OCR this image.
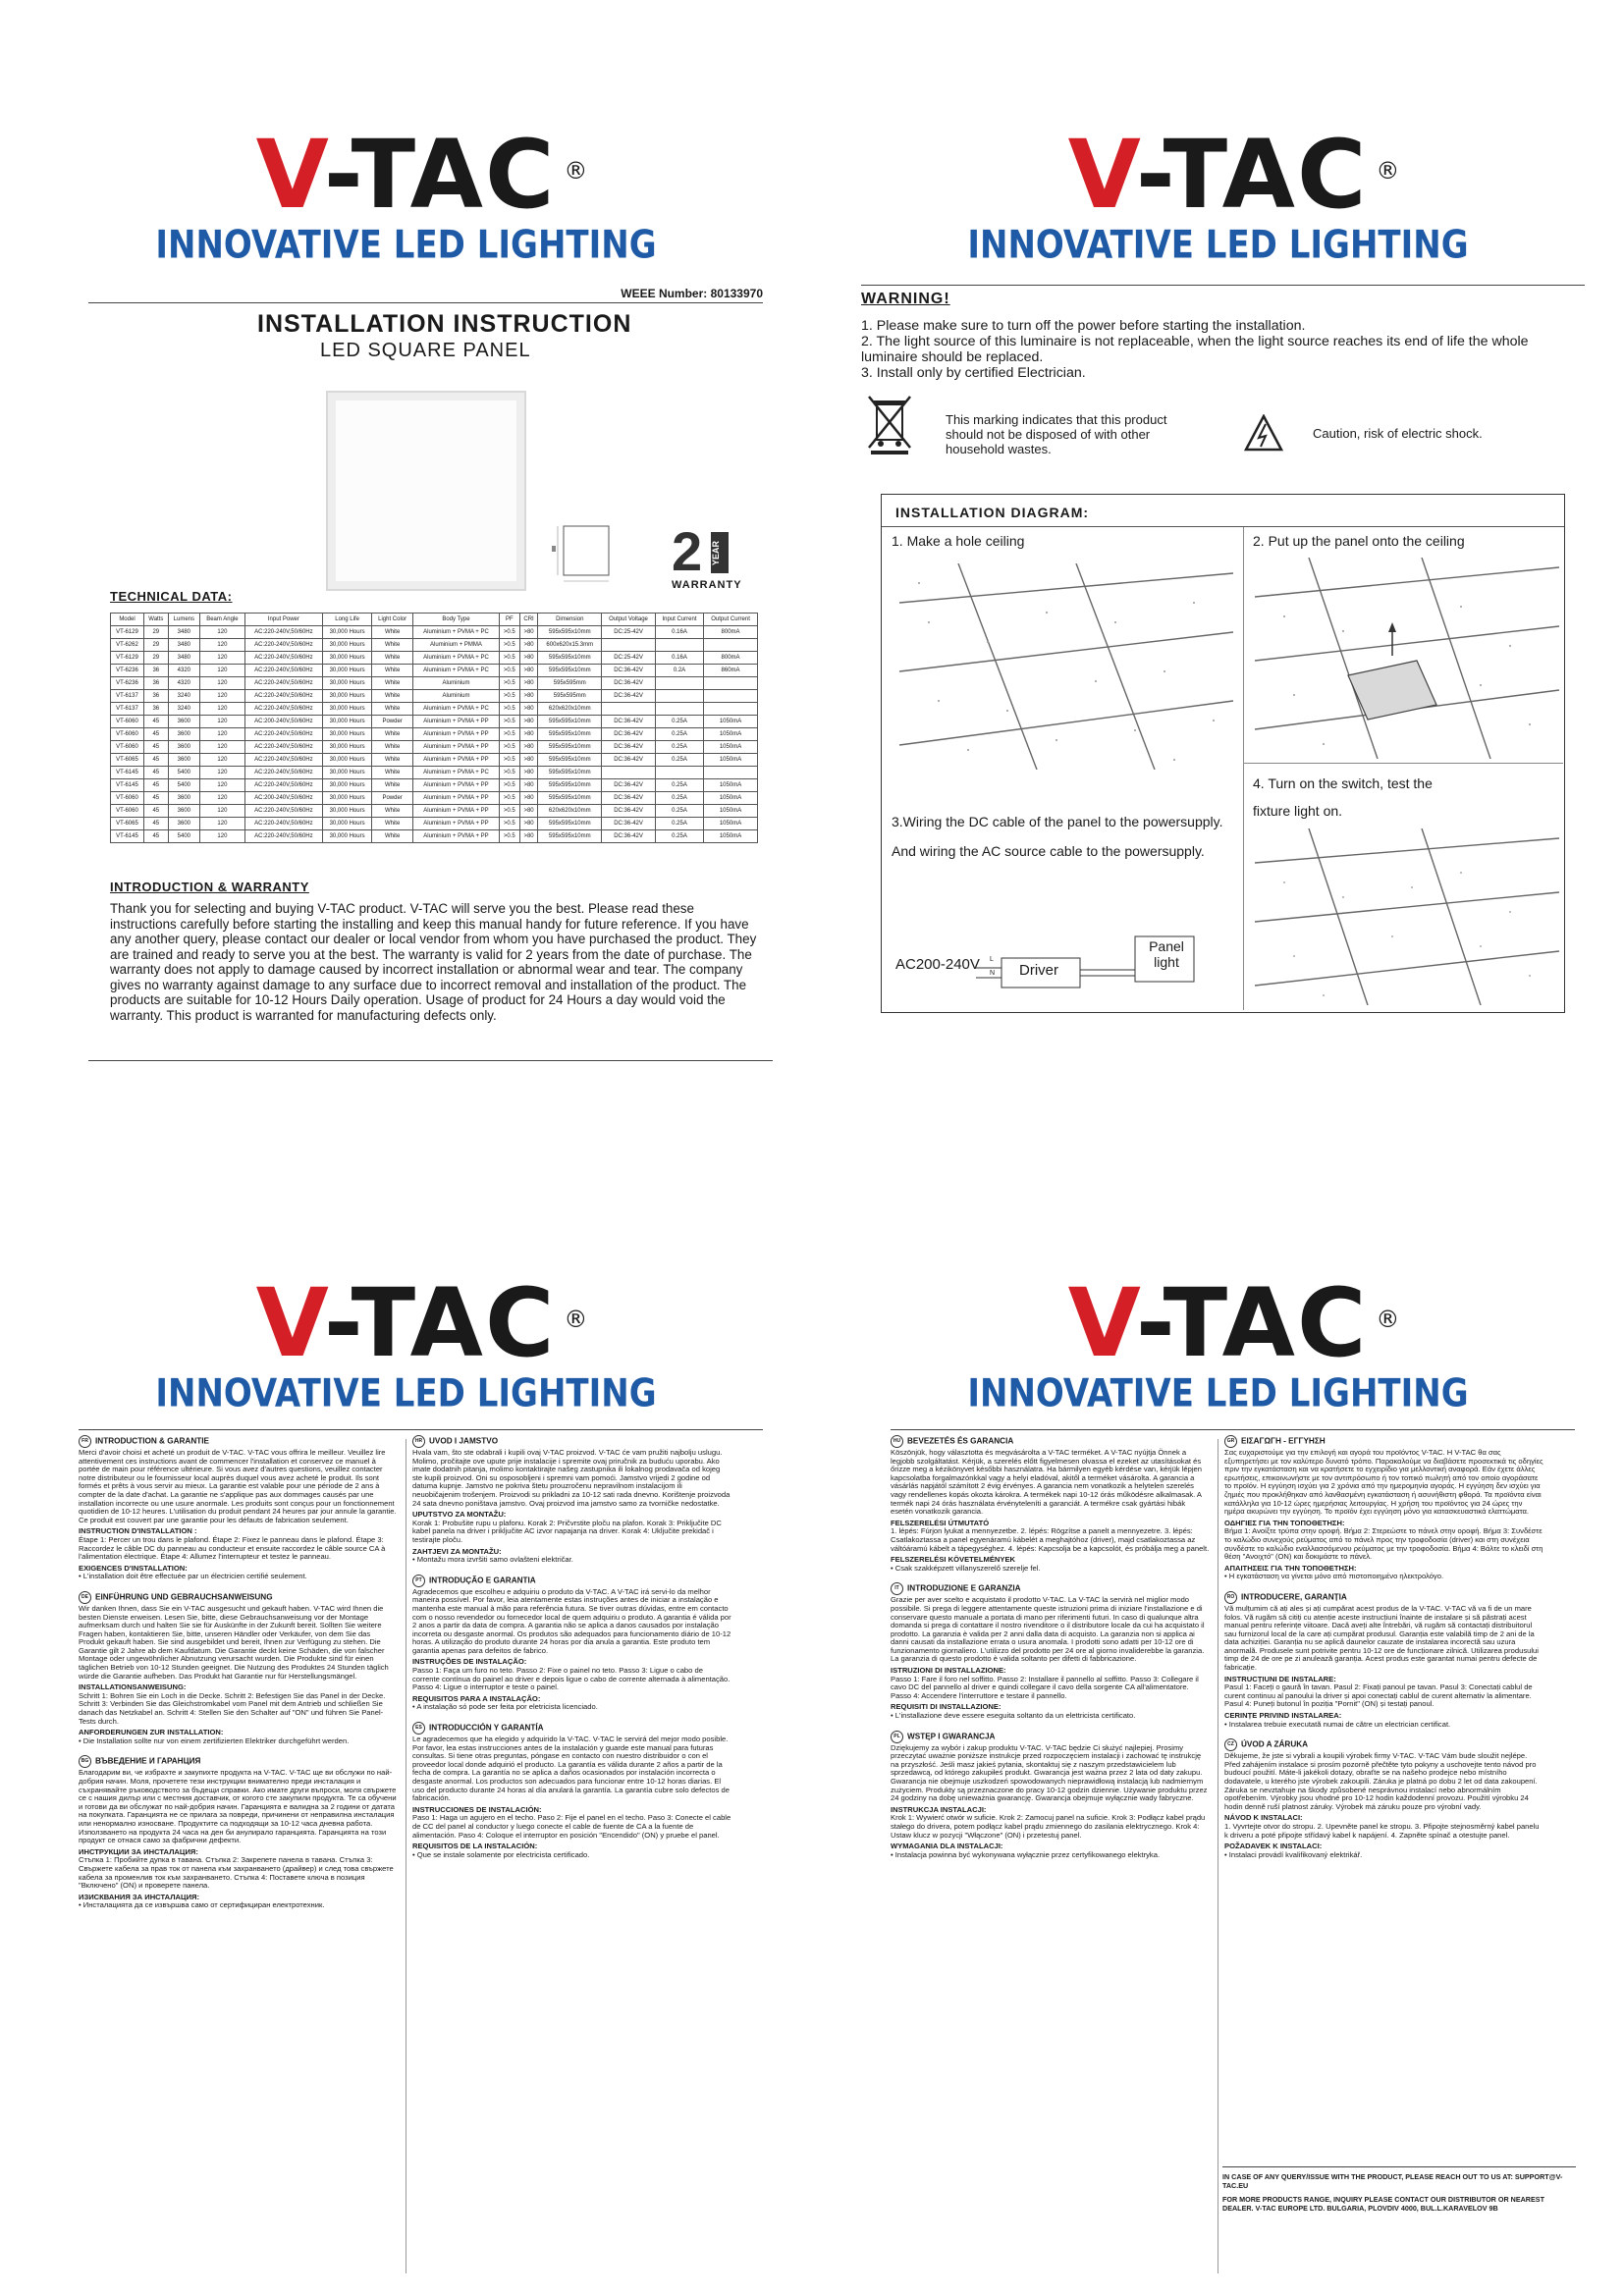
V-TAC ®
INNOVATIVE LED LIGHTING
WEEE Number: 80133970
INSTALLATION INSTRUCTION
LED SQUARE PANEL
2 YEAR
WARRANTY
TECHNICAL DATA:
Model	Watts	Lumens	Beam Angle	Input Power	Long Life	Light Color	Body Type	PF	CRI	Dimension	Output Voltage	Input Current	Output Current
VT-6129	29	3480	120	AC:220-240V,50/60Hz	30,000 Hours	White	Aluminium + PVMA + PC	>0.5	>80	595x595x10mm	DC:25-42V	0.16A	800mA
VT-6262	29	3480	120	AC:220-240V,50/60Hz	30,000 Hours	White	Aluminium + PMMA	>0.5	>80	600x620x15.3mm			
VT-6129	29	3480	120	AC:220-240V,50/60Hz	30,000 Hours	White	Aluminium + PVMA + PC	>0.5	>80	595x595x10mm	DC:25-42V	0.16A	800mA
VT-6236	36	4320	120	AC:220-240V,50/60Hz	30,000 Hours	White	Aluminium + PVMA + PC	>0.5	>80	595x595x10mm	DC:36-42V	0.2A	860mA
VT-6236	36	4320	120	AC:220-240V,50/60Hz	30,000 Hours	White	Aluminium	>0.5	>80	595x595mm	DC:36-42V		
VT-6137	36	3240	120	AC:220-240V,50/60Hz	30,000 Hours	White	Aluminium	>0.5	>80	595x595mm	DC:36-42V		
VT-6137	36	3240	120	AC:220-240V,50/60Hz	30,000 Hours	White	Aluminium + PVMA + PC	>0.5	>80	620x620x10mm			
VT-6060	45	3600	120	AC:200-240V,50/60Hz	30,000 Hours	Powder	Aluminium + PVMA + PP	>0.5	>80	595x595x10mm	DC:36-42V	0.25A	1050mA
VT-6060	45	3600	120	AC:220-240V,50/60Hz	30,000 Hours	White	Aluminium + PVMA + PP	>0.5	>80	595x595x10mm	DC:36-42V	0.25A	1050mA
VT-6060	45	3600	120	AC:220-240V,50/60Hz	30,000 Hours	White	Aluminium + PVMA + PP	>0.5	>80	595x595x10mm	DC:36-42V	0.25A	1050mA
VT-6065	45	3600	120	AC:220-240V,50/60Hz	30,000 Hours	White	Aluminium + PVMA + PP	>0.5	>80	595x595x10mm	DC:36-42V	0.25A	1050mA
VT-6145	45	5400	120	AC:220-240V,50/60Hz	30,000 Hours	White	Aluminium + PVMA + PC	>0.5	>80	595x595x10mm			
VT-6145	45	5400	120	AC:220-240V,50/60Hz	30,000 Hours	White	Aluminium + PVMA + PP	>0.5	>80	595x595x10mm	DC:36-42V	0.25A	1050mA
VT-6060	45	3600	120	AC:200-240V,50/60Hz	30,000 Hours	Powder	Aluminium + PVMA + PP	>0.5	>80	595x595x10mm	DC:36-42V	0.25A	1050mA
VT-6060	45	3600	120	AC:220-240V,50/60Hz	30,000 Hours	White	Aluminium + PVMA + PP	>0.5	>80	620x620x10mm	DC:36-42V	0.25A	1050mA
VT-6065	45	3600	120	AC:220-240V,50/60Hz	30,000 Hours	White	Aluminium + PVMA + PP	>0.5	>80	595x595x10mm	DC:36-42V	0.25A	1050mA
VT-6145	45	5400	120	AC:220-240V,50/60Hz	30,000 Hours	White	Aluminium + PVMA + PP	>0.5	>80	595x595x10mm	DC:36-42V	0.25A	1050mA
INTRODUCTION & WARRANTY
Thank you for selecting and buying V-TAC product. V-TAC will serve you the best. Please read these instructions carefully before starting the installing and keep this manual handy for future reference. If you have any another query, please contact our dealer or local vendor from whom you have purchased the product. They are trained and ready to serve you at the best. The warranty is valid for 2 years from the date of purchase. The warranty does not apply to damage caused by incorrect installation or abnormal wear and tear. The company gives no warranty against damage to any surface due to incorrect removal and installation of the product. The products are suitable for 10-12 Hours Daily operation. Usage of product for 24 Hours a day would void the warranty. This product is warranted for manufacturing defects only.
V-TAC ®
INNOVATIVE LED LIGHTING
WARNING!
1. Please make sure to turn off the power before starting the installation.
2. The light source of this luminaire is not replaceable, when the light source reaches its end of life the whole luminaire should be replaced.
3. Install only by certified Electrician.
This marking indicates that this product should not be disposed of with other household wastes.
Caution, risk of electric shock.
INSTALLATION DIAGRAM:
1. Make a hole ceiling	2. Put up the panel onto the ceiling
3.Wiring the DC cable of the panel to the powersupply. And wiring the AC source cable to the powersupply.
4. Turn on the switch, test the fixture light on.
AC200-240V L
N Driver
Panel light
V-TAC ®
INNOVATIVE LED LIGHTING
FR INTRODUCTION & GARANTIE
Merci d'avoir choisi et acheté un produit de V-TAC. V-TAC vous offrira le meilleur. Veuillez lire attentivement ces instructions avant de commencer l'installation et conservez ce manuel à portée de main pour référence ultérieure. Si vous avez d'autres questions, veuillez contacter notre distributeur ou le fournisseur local auprès duquel vous avez acheté le produit. Ils sont formés et prêts à vous servir au mieux. La garantie est valable pour une période de 2 ans à compter de la date d'achat. La garantie ne s'applique pas aux dommages causés par une installation incorrecte ou une usure anormale. Les produits sont conçus pour un fonctionnement quotidien de 10-12 heures. L'utilisation du produit pendant 24 heures par jour annule la garantie. Ce produit est couvert par une garantie pour les défauts de fabrication seulement.
INSTRUCTION D'INSTALLATION :
Étape 1: Percer un trou dans le plafond. Étape 2: Fixez le panneau dans le plafond. Étape 3: Raccordez le câble DC du panneau au conducteur et ensuite raccordez le câble source CA à l'alimentation électrique. Étape 4: Allumez l'interrupteur et testez le panneau.
EXIGENCES D'INSTALLATION:
• L'installation doit être effectuée par un électricien certifié seulement.
DE EINFÜHRUNG UND GEBRAUCHSANWEISUNG
Wir danken Ihnen, dass Sie ein V-TAC ausgesucht und gekauft haben. V-TAC wird Ihnen die besten Dienste erweisen. Lesen Sie, bitte, diese Gebrauchsanweisung vor der Montage aufmerksam durch und halten Sie sie für Auskünfte in der Zukunft bereit. Sollten Sie weitere Fragen haben, kontaktieren Sie, bitte, unseren Händler oder Verkäufer, von dem Sie das Produkt gekauft haben. Sie sind ausgebildet und bereit, Ihnen zur Verfügung zu stehen. Die Garantie gilt 2 Jahre ab dem Kaufdatum. Die Garantie deckt keine Schäden, die von falscher Montage oder ungewöhnlicher Abnutzung verursacht wurden. Die Produkte sind für einen täglichen Betrieb von 10-12 Stunden geeignet. Die Nutzung des Produktes 24 Stunden täglich würde die Garantie aufheben. Das Produkt hat Garantie nur für Herstellungsmängel.
INSTALLATIONSANWEISUNG:
Schritt 1: Bohren Sie ein Loch in die Decke. Schritt 2: Befestigen Sie das Panel in der Decke. Schritt 3: Verbinden Sie das Gleichstromkabel vom Panel mit dem Antrieb und schließen Sie danach das Netzkabel an. Schritt 4: Stellen Sie den Schalter auf "ON" und führen Sie Panel-Tests durch.
ANFORDERUNGEN ZUR INSTALLATION:
• Die Installation sollte nur von einem zertifizierten Elektriker durchgeführt werden.
BG ВЪВЕДЕНИЕ И ГАРАНЦИЯ
Благодарим ви, че избрахте и закупихте продукта на V-TAC. V-TAC ще ви обслужи по най-добрия начин. Моля, прочетете тези инструкции внимателно преди инсталация и съхранявайте ръководството за бъдещи справки. Ако имате други въпроси, моля свържете се с нашия дилър или с местния доставчик, от когото сте закупили продукта. Те са обучени и готови да ви обслужат по най-добрия начин. Гаранцията е валидна за 2 години от датата на покупката. Гаранцията не се прилага за повреди, причинени от неправилна инсталация или ненормално износване. Продуктите са подходящи за 10-12 часа дневна работа. Използването на продукта 24 часа на ден би анулирало гаранцията. Гаранцията на този продукт се отнася само за фабрични дефекти.
ИНСТРУКЦИИ ЗА ИНСТАЛАЦИЯ:
Стъпка 1: Пробийте дупка в тавана. Стъпка 2: Закрепете панела в тавана. Стъпка 3: Свържете кабела за прав ток от панела към захранването (драйвер) и след това свържете кабела за променлив ток към захранването. Стъпка 4: Поставете ключа в позиция "Включено" (ON) и проверете панела.
ИЗИСКВАНИЯ ЗА ИНСТАЛАЦИЯ:
• Инсталацията да се извършва само от сертифициран електротехник.
HR UVOD I JAMSTVO
Hvala vam, što ste odabrali i kupili ovaj V-TAC proizvod. V-TAC će vam pružiti najbolju uslugu. Molimo, pročitajte ove upute prije instalacije i spremite ovaj priručnik za buduću uporabu. Ako imate dodatnih pitanja, molimo kontaktirajte našeg zastupnika ili lokalnog prodavača od kojeg ste kupili proizvod. Oni su osposobljeni i spremni vam pomoći. Jamstvo vrijedi 2 godine od datuma kupnje. Jamstvo ne pokriva štetu prouzročenu nepravilnom instalacijom ili neuobičajenim trošenjem. Proizvodi su prikladni za 10-12 sati rada dnevno. Korištenje proizvoda 24 sata dnevno poništava jamstvo. Ovaj proizvod ima jamstvo samo za tvorničke nedostatke.
UPUTSTVO ZA MONTAŽU:
Korak 1: Probušite rupu u plafonu. Korak 2: Pričvrstite ploču na plafon. Korak 3: Priključite DC kabel panela na driver i priključite AC izvor napajanja na driver. Korak 4: Uključite prekidač i testirajte ploču.
ZAHTJEVI ZA MONTAŽU:
• Montažu mora izvršiti samo ovlašteni električar.
PT INTRODUÇÃO E GARANTIA
Agradecemos que escolheu e adquiriu o produto da V-TAC. A V-TAC irá servi-lo da melhor maneira possível. Por favor, leia atentamente estas instruções antes de iniciar a instalação e mantenha este manual à mão para referência futura. Se tiver outras dúvidas, entre em contacto com o nosso revendedor ou fornecedor local de quem adquiriu o produto. A garantia é válida por 2 anos a partir da data de compra. A garantia não se aplica a danos causados por instalação incorreta ou desgaste anormal. Os produtos são adequados para funcionamento diário de 10-12 horas. A utilização do produto durante 24 horas por dia anula a garantia. Este produto tem garantia apenas para defeitos de fabrico.
INSTRUÇÕES DE INSTALAÇÃO:
Passo 1: Faça um furo no teto. Passo 2: Fixe o painel no teto. Passo 3: Ligue o cabo de corrente contínua do painel ao driver e depois ligue o cabo de corrente alternada à alimentação. Passo 4: Ligue o interruptor e teste o painel.
REQUISITOS PARA A INSTALAÇÃO:
• A instalação só pode ser feita por eletricista licenciado.
ES INTRODUCCIÓN Y GARANTÍA
Le agradecemos que ha elegido y adquirido la V-TAC. V-TAC le servirá del mejor modo posible. Por favor, lea estas instrucciones antes de la instalación y guarde este manual para futuras consultas. Si tiene otras preguntas, póngase en contacto con nuestro distribuidor o con el proveedor local donde adquirió el producto. La garantía es válida durante 2 años a partir de la fecha de compra. La garantía no se aplica a daños ocasionados por instalación incorrecta o desgaste anormal. Los productos son adecuados para funcionar entre 10-12 horas diarias. El uso del producto durante 24 horas al día anulará la garantía. La garantía cubre solo defectos de fabricación.
INSTRUCCIONES DE INSTALACIÓN:
Paso 1: Haga un agujero en el techo. Paso 2: Fije el panel en el techo. Paso 3: Conecte el cable de CC del panel al conductor y luego conecte el cable de fuente de CA a la fuente de alimentación. Paso 4: Coloque el interruptor en posición "Encendido" (ON) y pruebe el panel.
REQUISITOS DE LA INSTALACIÓN:
• Que se instale solamente por electricista certificado.
V-TAC ®
INNOVATIVE LED LIGHTING
HU BEVEZETÉS ÉS GARANCIA
Köszönjük, hogy választotta és megvásárolta a V-TAC terméket. A V-TAC nyújtja Önnek a legjobb szolgáltatást. Kérjük, a szerelés előtt figyelmesen olvassa el ezeket az utasításokat és őrizze meg a kézikönyvet későbbi használatra. Ha bármilyen egyéb kérdése van, kérjük lépjen kapcsolatba forgalmazónkkal vagy a helyi eladóval, akitől a terméket vásárolta. A garancia a vásárlás napjától számított 2 évig érvényes. A garancia nem vonatkozik a helytelen szerelés vagy rendellenes kopás okozta károkra. A termékek napi 10-12 órás működésre alkalmasak. A termék napi 24 órás használata érvényteleníti a garanciát. A termékre csak gyártási hibák esetén vonatkozik garancia.
FELSZERELÉSI ÚTMUTATÓ
1. lépés: Fúrjon lyukat a mennyezetbe. 2. lépés: Rögzítse a panelt a mennyezetre. 3. lépés: Csatlakoztassa a panel egyenáramú kábelét a meghajtóhoz (driver), majd csatlakoztassa az váltóáramú kábelt a tápegységhez. 4. lépés: Kapcsolja be a kapcsolót, és próbálja meg a panelt.
FELSZERELÉSI KÖVETELMÉNYEK
• Csak szakképzett villanyszerelő szerelje fel.
IT INTRODUZIONE E GARANZIA
Grazie per aver scelto e acquistato il prodotto V-TAC. La V-TAC la servirà nel miglior modo possibile. Si prega di leggere attentamente queste istruzioni prima di iniziare l'installazione e di conservare questo manuale a portata di mano per riferimenti futuri. In caso di qualunque altra domanda si prega di contattare il nostro rivenditore o il distributore locale da cui ha acquistato il prodotto. La garanzia è valida per 2 anni dalla data di acquisto. La garanzia non si applica ai danni causati da installazione errata o usura anomala. I prodotti sono adatti per 10-12 ore di funzionamento giornaliero. L'utilizzo del prodotto per 24 ore al giorno invaliderebbe la garanzia. La garanzia di questo prodotto è valida soltanto per difetti di fabbricazione.
ISTRUZIONI DI INSTALLAZIONE:
Passo 1: Fare il foro nel soffitto. Passo 2: Installare il pannello al soffitto. Passo 3: Collegare il cavo DC del pannello al driver e quindi collegare il cavo della sorgente CA all'alimentatore. Passo 4: Accendere l'interruttore e testare il pannello.
REQUISITI DI INSTALLAZIONE:
• L'installazione deve essere eseguita soltanto da un elettricista certificato.
PL WSTĘP I GWARANCJA
Dziękujemy za wybór i zakup produktu V-TAC. V-TAC będzie Ci służyć najlepiej. Prosimy przeczytać uważnie poniższe instrukcje przed rozpoczęciem instalacji i zachować tę instrukcję na przyszłość. Jeśli masz jakieś pytania, skontaktuj się z naszym przedstawicielem lub sprzedawcą, od którego zakupiłeś produkt. Gwarancja jest ważna przez 2 lata od daty zakupu. Gwarancja nie obejmuje uszkodzeń spowodowanych nieprawidłową instalacją lub nadmiernym zużyciem. Produkty są przeznaczone do pracy 10-12 godzin dziennie. Używanie produktu przez 24 godziny na dobę unieważnia gwarancję. Gwarancja obejmuje wyłącznie wady fabryczne.
INSTRUKCJA INSTALACJI:
Krok 1: Wywierć otwór w suficie. Krok 2: Zamocuj panel na suficie. Krok 3: Podłącz kabel prądu stałego do drivera, potem podłącz kabel prądu zmiennego do zasilania elektrycznego. Krok 4: Ustaw klucz w pozycji "Włączone" (ON) i przetestuj panel.
WYMAGANIA DLA INSTALACJI:
• Instalacja powinna być wykonywana wyłącznie przez certyfikowanego elektryka.
GR ΕΙΣΑΓΩΓΗ - ΕΓΓΥΗΣΗ
Σας ευχαριστούμε για την επιλογή και αγορά του προϊόντος V-TAC. Η V-TAC θα σας εξυπηρετήσει με τον καλύτερο δυνατό τρόπο. Παρακαλούμε να διαβάσετε προσεκτικά τις οδηγίες πριν την εγκατάσταση και να κρατήσετε το εγχειρίδιο για μελλοντική αναφορά. Εάν έχετε άλλες ερωτήσεις, επικοινωνήστε με τον αντιπρόσωπο ή τον τοπικό πωλητή από τον οποίο αγοράσατε το προϊόν. Η εγγύηση ισχύει για 2 χρόνια από την ημερομηνία αγοράς. Η εγγύηση δεν ισχύει για ζημιές που προκλήθηκαν από λανθασμένη εγκατάσταση ή ασυνήθιστη φθορά. Τα προϊόντα είναι κατάλληλα για 10-12 ώρες ημερήσιας λειτουργίας. Η χρήση του προϊόντος για 24 ώρες την ημέρα ακυρώνει την εγγύηση. Το προϊόν έχει εγγύηση μόνο για κατασκευαστικά ελαττώματα.
ΟΔΗΓΙΕΣ ΓΙΑ ΤΗΝ ΤΟΠΟΘΕΤΗΣΗ:
Βήμα 1: Ανοίξτε τρύπα στην οροφή. Βήμα 2: Στερεώστε το πάνελ στην οροφή. Βήμα 3: Συνδέστε το καλώδιο συνεχούς ρεύματος από το πάνελ προς την τροφοδοσία (driver) και στη συνέχεια συνδέστε το καλώδιο εναλλασσόμενου ρεύματος με την τροφοδοσία. Βήμα 4: Βάλτε το κλειδί στη θέση "Ανοιχτό" (ON) και δοκιμάστε το πάνελ.
ΑΠΑΙΤΗΣΕΙΣ ΓΙΑ ΤΗΝ ΤΟΠΟΘΕΤΗΣΗ:
• Η εγκατάσταση να γίνεται μόνο από πιστοποιημένο ηλεκτρολόγο.
RO INTRODUCERE, GARANȚIA
Vă mulțumim că ați ales și ați cumpărat acest produs de la V-TAC. V-TAC vă va fi de un mare folos. Vă rugăm să citiți cu atenție aceste instrucțiuni înainte de instalare și să păstrați acest manual pentru referințe viitoare. Dacă aveți alte întrebări, vă rugăm să contactați distribuitorul sau furnizorul local de la care ați cumpărat produsul. Garanția este valabilă timp de 2 ani de la data achiziției. Garanția nu se aplică daunelor cauzate de instalarea incorectă sau uzura anormală. Produsele sunt potrivite pentru 10-12 ore de funcționare zilnică. Utilizarea produsului timp de 24 de ore pe zi anulează garanția. Acest produs este garantat numai pentru defecte de fabricație.
INSTRUCȚIUNI DE INSTALARE:
Pasul 1: Faceți o gaură în tavan. Pasul 2: Fixați panoul pe tavan. Pasul 3: Conectați cablul de curent continuu al panoului la driver și apoi conectați cablul de curent alternativ la alimentare. Pasul 4: Puneți butonul în poziția "Pornit" (ON) și testați panoul.
CERINȚE PRIVIND INSTALAREA:
• Instalarea trebuie executată numai de către un electrician certificat.
CZ ÚVOD A ZÁRUKA
Děkujeme, že jste si vybrali a koupili výrobek firmy V-TAC. V-TAC Vám bude sloužit nejlépe. Před zahájením instalace si prosím pozorně přečtěte tyto pokyny a uschovejte tento návod pro budoucí použití. Máte-li jakékoli dotazy, obraťte se na našeho prodejce nebo místního dodavatele, u kterého jste výrobek zakoupili. Záruka je platná po dobu 2 let od data zakoupení. Záruka se nevztahuje na škody způsobené nesprávnou instalací nebo abnormálním opotřebením. Výrobky jsou vhodné pro 10-12 hodin každodenní provozu. Použití výrobku 24 hodin denně ruší platnost záruky. Výrobek má záruku pouze pro výrobní vady.
NÁVOD K INSTALACI:
1. Vyvrtejte otvor do stropu. 2. Upevněte panel ke stropu. 3. Připojte stejnosměrný kabel panelu k driveru a poté připojte střídavý kabel k napájení. 4. Zapněte spínač a otestujte panel.
POŽADAVEK K INSTALACI:
• Instalaci provádí kvalifikovaný elektrikář.
IN CASE OF ANY QUERY/ISSUE WITH THE PRODUCT, PLEASE REACH OUT TO US AT: SUPPORT@V-TAC.EU
FOR MORE PRODUCTS RANGE, INQUIRY PLEASE CONTACT OUR DISTRIBUTOR OR NEAREST DEALER. V-TAC EUROPE LTD. BULGARIA, PLOVDIV 4000, BUL.L.KARAVELOV 9B
